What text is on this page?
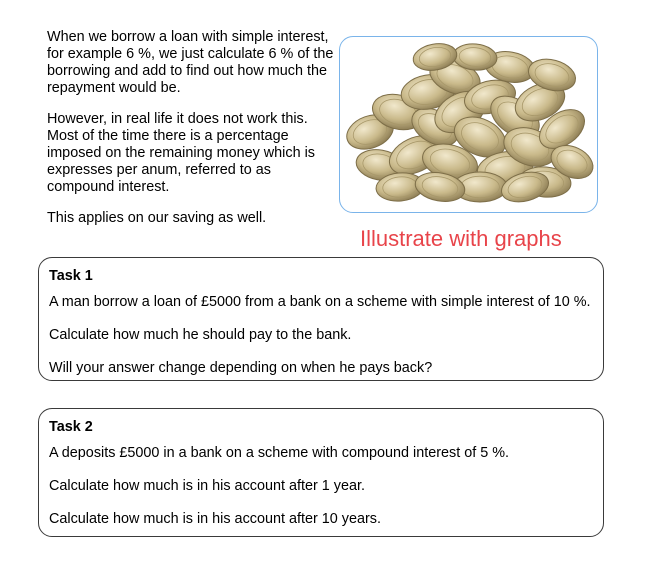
When we borrow a loan with simple interest, for example 6 %, we just calculate 6 % of the borrowing and add to find out how much the repayment would be.

However, in real life it does not work this. Most of the time there is a percentage imposed on the remaining money which is expresses per anum, referred to as compound interest.

This applies on our saving as well.

Illustrate with graphs
Task 1

A man borrow a loan of £5000 from a bank on a scheme with simple interest of 10 %.

Calculate how much he should pay to the bank.

Will your answer change depending on when he pays back?

Task 2

A deposits £5000 in a bank on a scheme with compound interest of 5 %.

Calculate how much is in his account after 1 year.

Calculate how much is in his account after 10 years.
